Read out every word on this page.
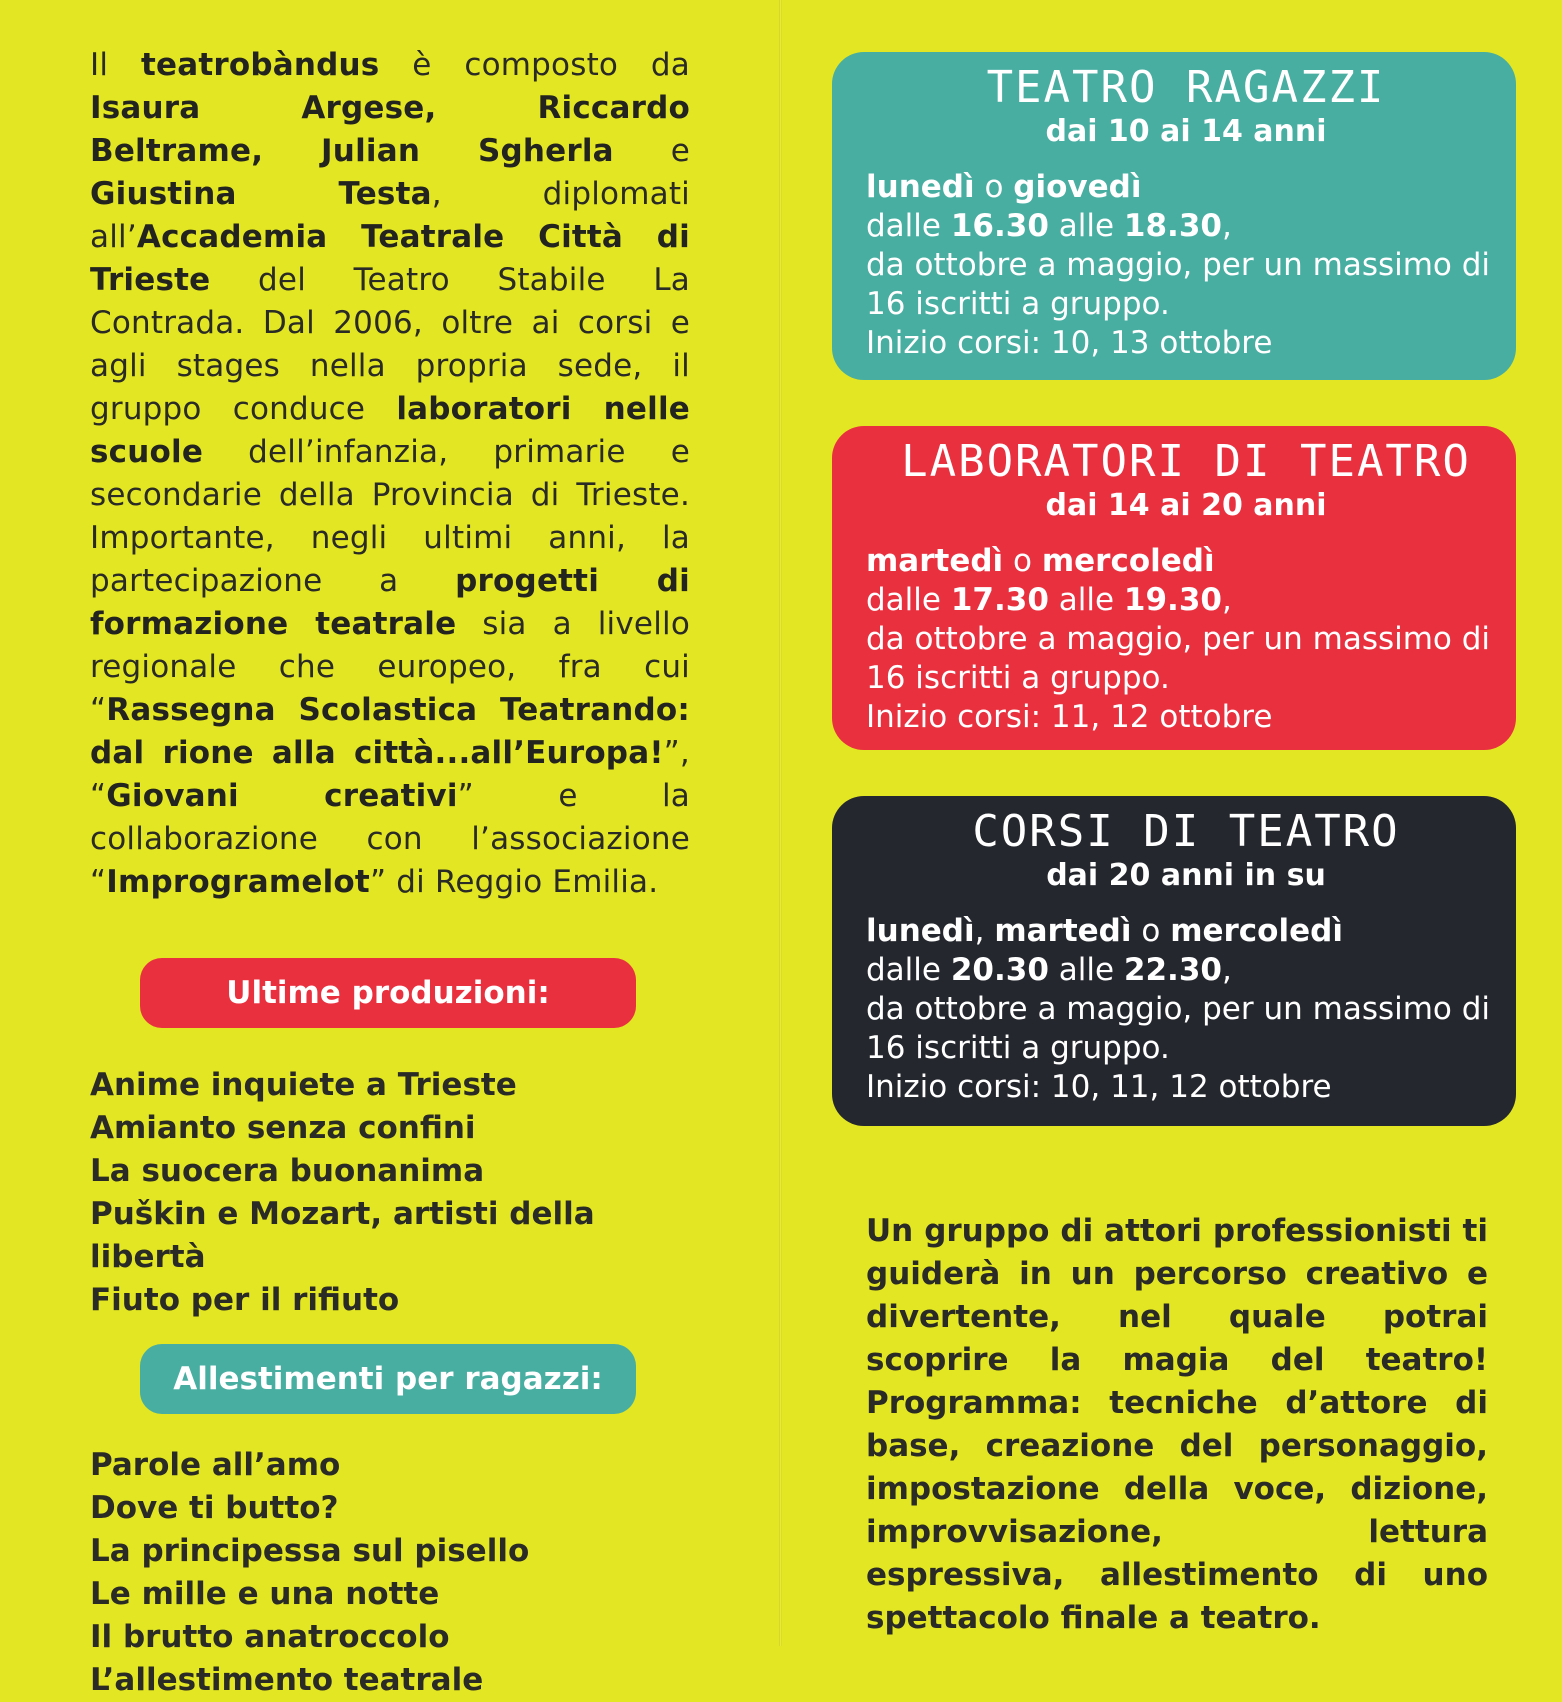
Il teatrobàndus è composto da Isaura Argese, Riccardo Beltrame, Julian Sgherla e Giustina Testa, diplomati all’Accademia Teatrale Città di Trieste del Teatro Stabile La Contrada. Dal 2006, oltre ai corsi e agli stages nella propria sede, il gruppo conduce laboratori nelle scuole dell’infanzia, primarie e secondarie della Provincia di Trieste. Importante, negli ultimi anni, la partecipazione a progetti di formazione teatrale sia a livello regionale che europeo, fra cui “Rassegna Scolastica Teatrando: dal rione alla città...all’Europa!”, “Giovani creativi” e la collaborazione con l’associazione “Improgramelot” di Reggio Emilia.

Ultime produzioni:
Anime inquiete a Trieste
Amianto senza confini
La suocera buonanima
Puškin e Mozart, artisti della libertà
Fiuto per il rifiuto
Allestimenti per ragazzi:
Parole all’amo
Dove ti butto?
La principessa sul pisello
Le mille e una notte
Il brutto anatroccolo
L’allestimento teatrale
TEATRO RAGAZZI
dai 10 ai 14 anni
lunedì o giovedì
dalle 16.30 alle 18.30,
da ottobre a maggio, per un massimo di 16 iscritti a gruppo.
Inizio corsi: 10, 13 ottobre
LABORATORI DI TEATRO
dai 14 ai 20 anni
martedì o mercoledì
dalle 17.30 alle 19.30,
da ottobre a maggio, per un massimo di 16 iscritti a gruppo.
Inizio corsi: 11, 12 ottobre
CORSI DI TEATRO
dai 20 anni in su
lunedì, martedì o mercoledì
dalle 20.30 alle 22.30,
da ottobre a maggio, per un massimo di 16 iscritti a gruppo.
Inizio corsi: 10, 11, 12 ottobre

Un gruppo di attori professionisti ti guiderà in un percorso creativo e divertente, nel quale potrai scoprire la magia del teatro! Programma: tecniche d’attore di base, creazione del personaggio, impostazione della voce, dizione, improvvisazione, lettura espressiva, allestimento di uno spettacolo finale a teatro.
